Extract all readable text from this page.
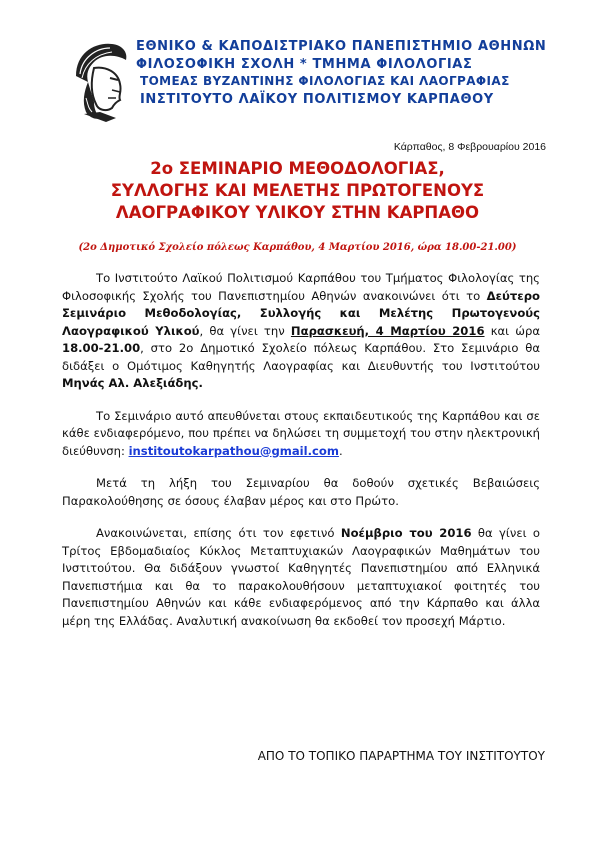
ΕΘΝΙΚΟ & ΚΑΠΟΔΙΣΤΡΙΑΚΟ ΠΑΝΕΠΙΣΤΗΜΙΟ ΑΘΗΝΩΝ
ΦΙΛΟΣΟΦΙΚΗ ΣΧΟΛΗ * ΤΜΗΜΑ ΦΙΛΟΛΟΓΙΑΣ
ΤΟΜΕΑΣ ΒΥΖΑΝΤΙΝΗΣ ΦΙΛΟΛΟΓΙΑΣ ΚΑΙ ΛΑΟΓΡΑΦΙΑΣ
ΙΝΣΤΙΤΟΥΤΟ ΛΑΪΚΟΥ ΠΟΛΙΤΙΣΜΟΥ ΚΑΡΠΑΘΟΥ
Κάρπαθος, 8 Φεβρουαρίου 2016
2ο ΣΕΜΙΝΑΡΙΟ ΜΕΘΟΔΟΛΟΓΙΑΣ,
ΣΥΛΛΟΓΗΣ ΚΑΙ ΜΕΛΕΤΗΣ ΠΡΩΤΟΓΕΝΟΥΣ
ΛΑΟΓΡΑΦΙΚΟΥ ΥΛΙΚΟΥ ΣΤΗΝ ΚΑΡΠΑΘΟ
(2ο Δημοτικό Σχολείο πόλεως Καρπάθου, 4 Μαρτίου 2016, ώρα 18.00-21.00)

Το Ινστιτούτο Λαϊκού Πολιτισμού Καρπάθου του Τμήματος Φιλολογίας της Φιλοσοφικής Σχολής του Πανεπιστημίου Αθηνών ανακοινώνει ότι το Δεύτερο Σεμινάριο Μεθοδολογίας, Συλλογής και Μελέτης Πρωτογενούς Λαογραφικού Υλικού, θα γίνει την Παρασκευή, 4 Μαρτίου 2016 και ώρα 18.00-21.00, στο 2ο Δημοτικό Σχολείο πόλεως Καρπάθου. Στο Σεμινάριο θα διδάξει ο Ομότιμος Καθηγητής Λαογραφίας και Διευθυντής του Ινστιτούτου Μηνάς Αλ. Αλεξιάδης.

Το Σεμινάριο αυτό απευθύνεται στους εκπαιδευτικούς της Καρπάθου και σε κάθε ενδιαφερόμενο, που πρέπει να δηλώσει τη συμμετοχή του στην ηλεκτρονική διεύθυνση: institoutokarpathou@gmail.com.

Μετά τη λήξη του Σεμιναρίου θα δοθούν σχετικές Βεβαιώσεις Παρακολούθησης σε όσους έλαβαν μέρος και στο Πρώτο.

Ανακοινώνεται, επίσης ότι τον εφετινό Νοέμβριο του 2016 θα γίνει ο Τρίτος Εβδομαδιαίος Κύκλος Μεταπτυχιακών Λαογραφικών Μαθημάτων του Ινστιτούτου. Θα διδάξουν γνωστοί Καθηγητές Πανεπιστημίου από Ελληνικά Πανεπιστήμια και θα το παρακολουθήσουν μεταπτυχιακοί φοιτητές του Πανεπιστημίου Αθηνών και κάθε ενδιαφερόμενος από την Κάρπαθο και άλλα μέρη της Ελλάδας. Αναλυτική ανακοίνωση θα εκδοθεί τον προσεχή Μάρτιο.

ΑΠΟ ΤΟ ΤΟΠΙΚΟ ΠΑΡΑΡΤΗΜΑ ΤΟΥ ΙΝΣΤΙΤΟΥΤΟΥ
